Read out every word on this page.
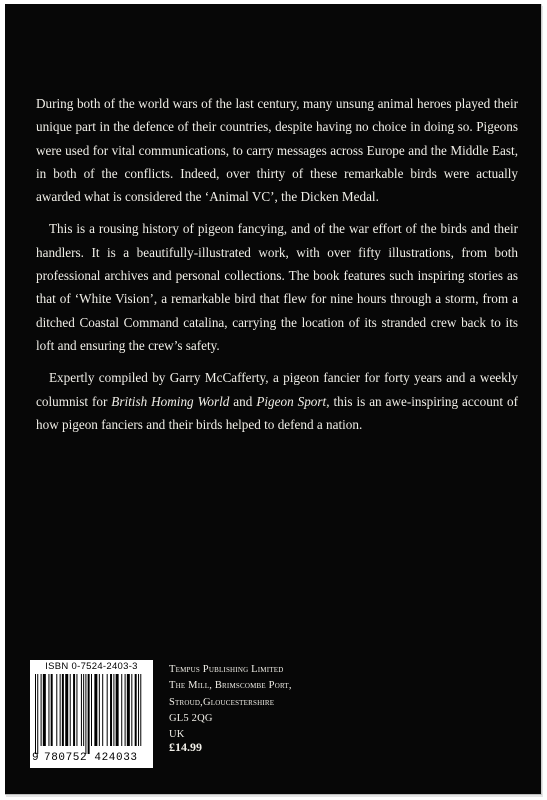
During both of the world wars of the last century, many unsung animal heroes played their unique part in the defence of their countries, despite having no choice in doing so. Pigeons were used for vital communications, to carry messages across Europe and the Middle East, in both of the conflicts. Indeed, over thirty of these remarkable birds were actually awarded what is considered the ‘Animal VC’, the Dicken Medal.

This is a rousing history of pigeon fancying, and of the war effort of the birds and their handlers. It is a beautifully-illustrated work, with over fifty illustrations, from both professional archives and personal collections. The book features such inspiring stories as that of ‘White Vision’, a remarkable bird that flew for nine hours through a storm, from a ditched Coastal Command catalina, carrying the location of its stranded crew back to its loft and ensuring the crew’s safety.

Expertly compiled by Garry McCafferty, a pigeon fancier for forty years and a weekly columnist for British Homing World and Pigeon Sport, this is an awe-inspiring account of how pigeon fanciers and their birds helped to defend a nation.

ISBN 0-7524-2403-3
9 780752 424033
Tempus Publishing Limited
The Mill, Brimscombe Port,
Stroud,Gloucestershire
GL5 2QG
UK
£14.99
